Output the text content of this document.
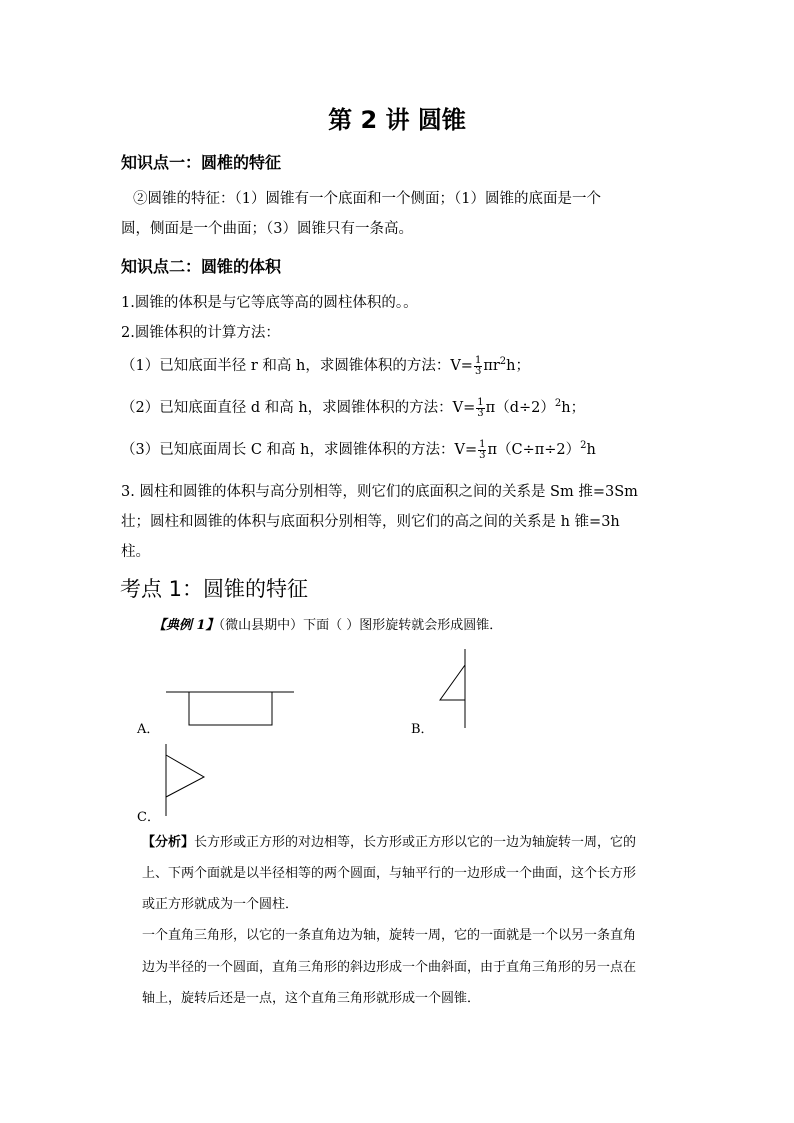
第 2 讲 圆锥
知识点一：圆椎的特征
②圆锥的特征：（1）圆锥有一个底面和一个侧面；（1）圆锥的底面是一个
圆，侧面是一个曲面；（3）圆锥只有一条高。
知识点二：圆锥的体积
1.圆锥的体积是与它等底等高的圆柱体积的。。
2.圆锥体积的计算方法：
（1）已知底面半径 r 和高 h，求圆锥体积的方法：$V= \frac{1}{3} \pi r^2h$；
（2）已知底面直径 d 和高 h，求圆锥体积的方法：$V= \frac{1}{3} \pi(d\div 2)^2h$；
（3）已知底面周长 C 和高 h，求圆锥体积的方法：$V= \frac{1}{3} \pi(C\div\pi\div 2)^2h$
3. 圆柱和圆锥的体积与高分别相等，则它们的底面积之间的关系是 Sm 推=3Sm
壮；圆柱和圆锥的体积与底面积分别相等，则它们的高之间的关系是 h 锥=3h
柱。
考点 1：圆锥的特征
【典例 1】（微山县期中）下面（ ）图形旋转就会形成圆锥．
A．	B．
C．
【分析】长方形或正方形的对边相等，长方形或正方形以它的一边为轴旋转一周，它的
上、下两个面就是以半径相等的两个圆面，与轴平行的一边形成一个曲面，这个长方形
或正方形就成为一个圆柱．
一个直角三角形，以它的一条直角边为轴，旋转一周，它的一面就是一个以另一条直角
边为半径的一个圆面，直角三角形的斜边形成一个曲斜面，由于直角三角形的另一点在
轴上，旋转后还是一点，这个直角三角形就形成一个圆锥．
